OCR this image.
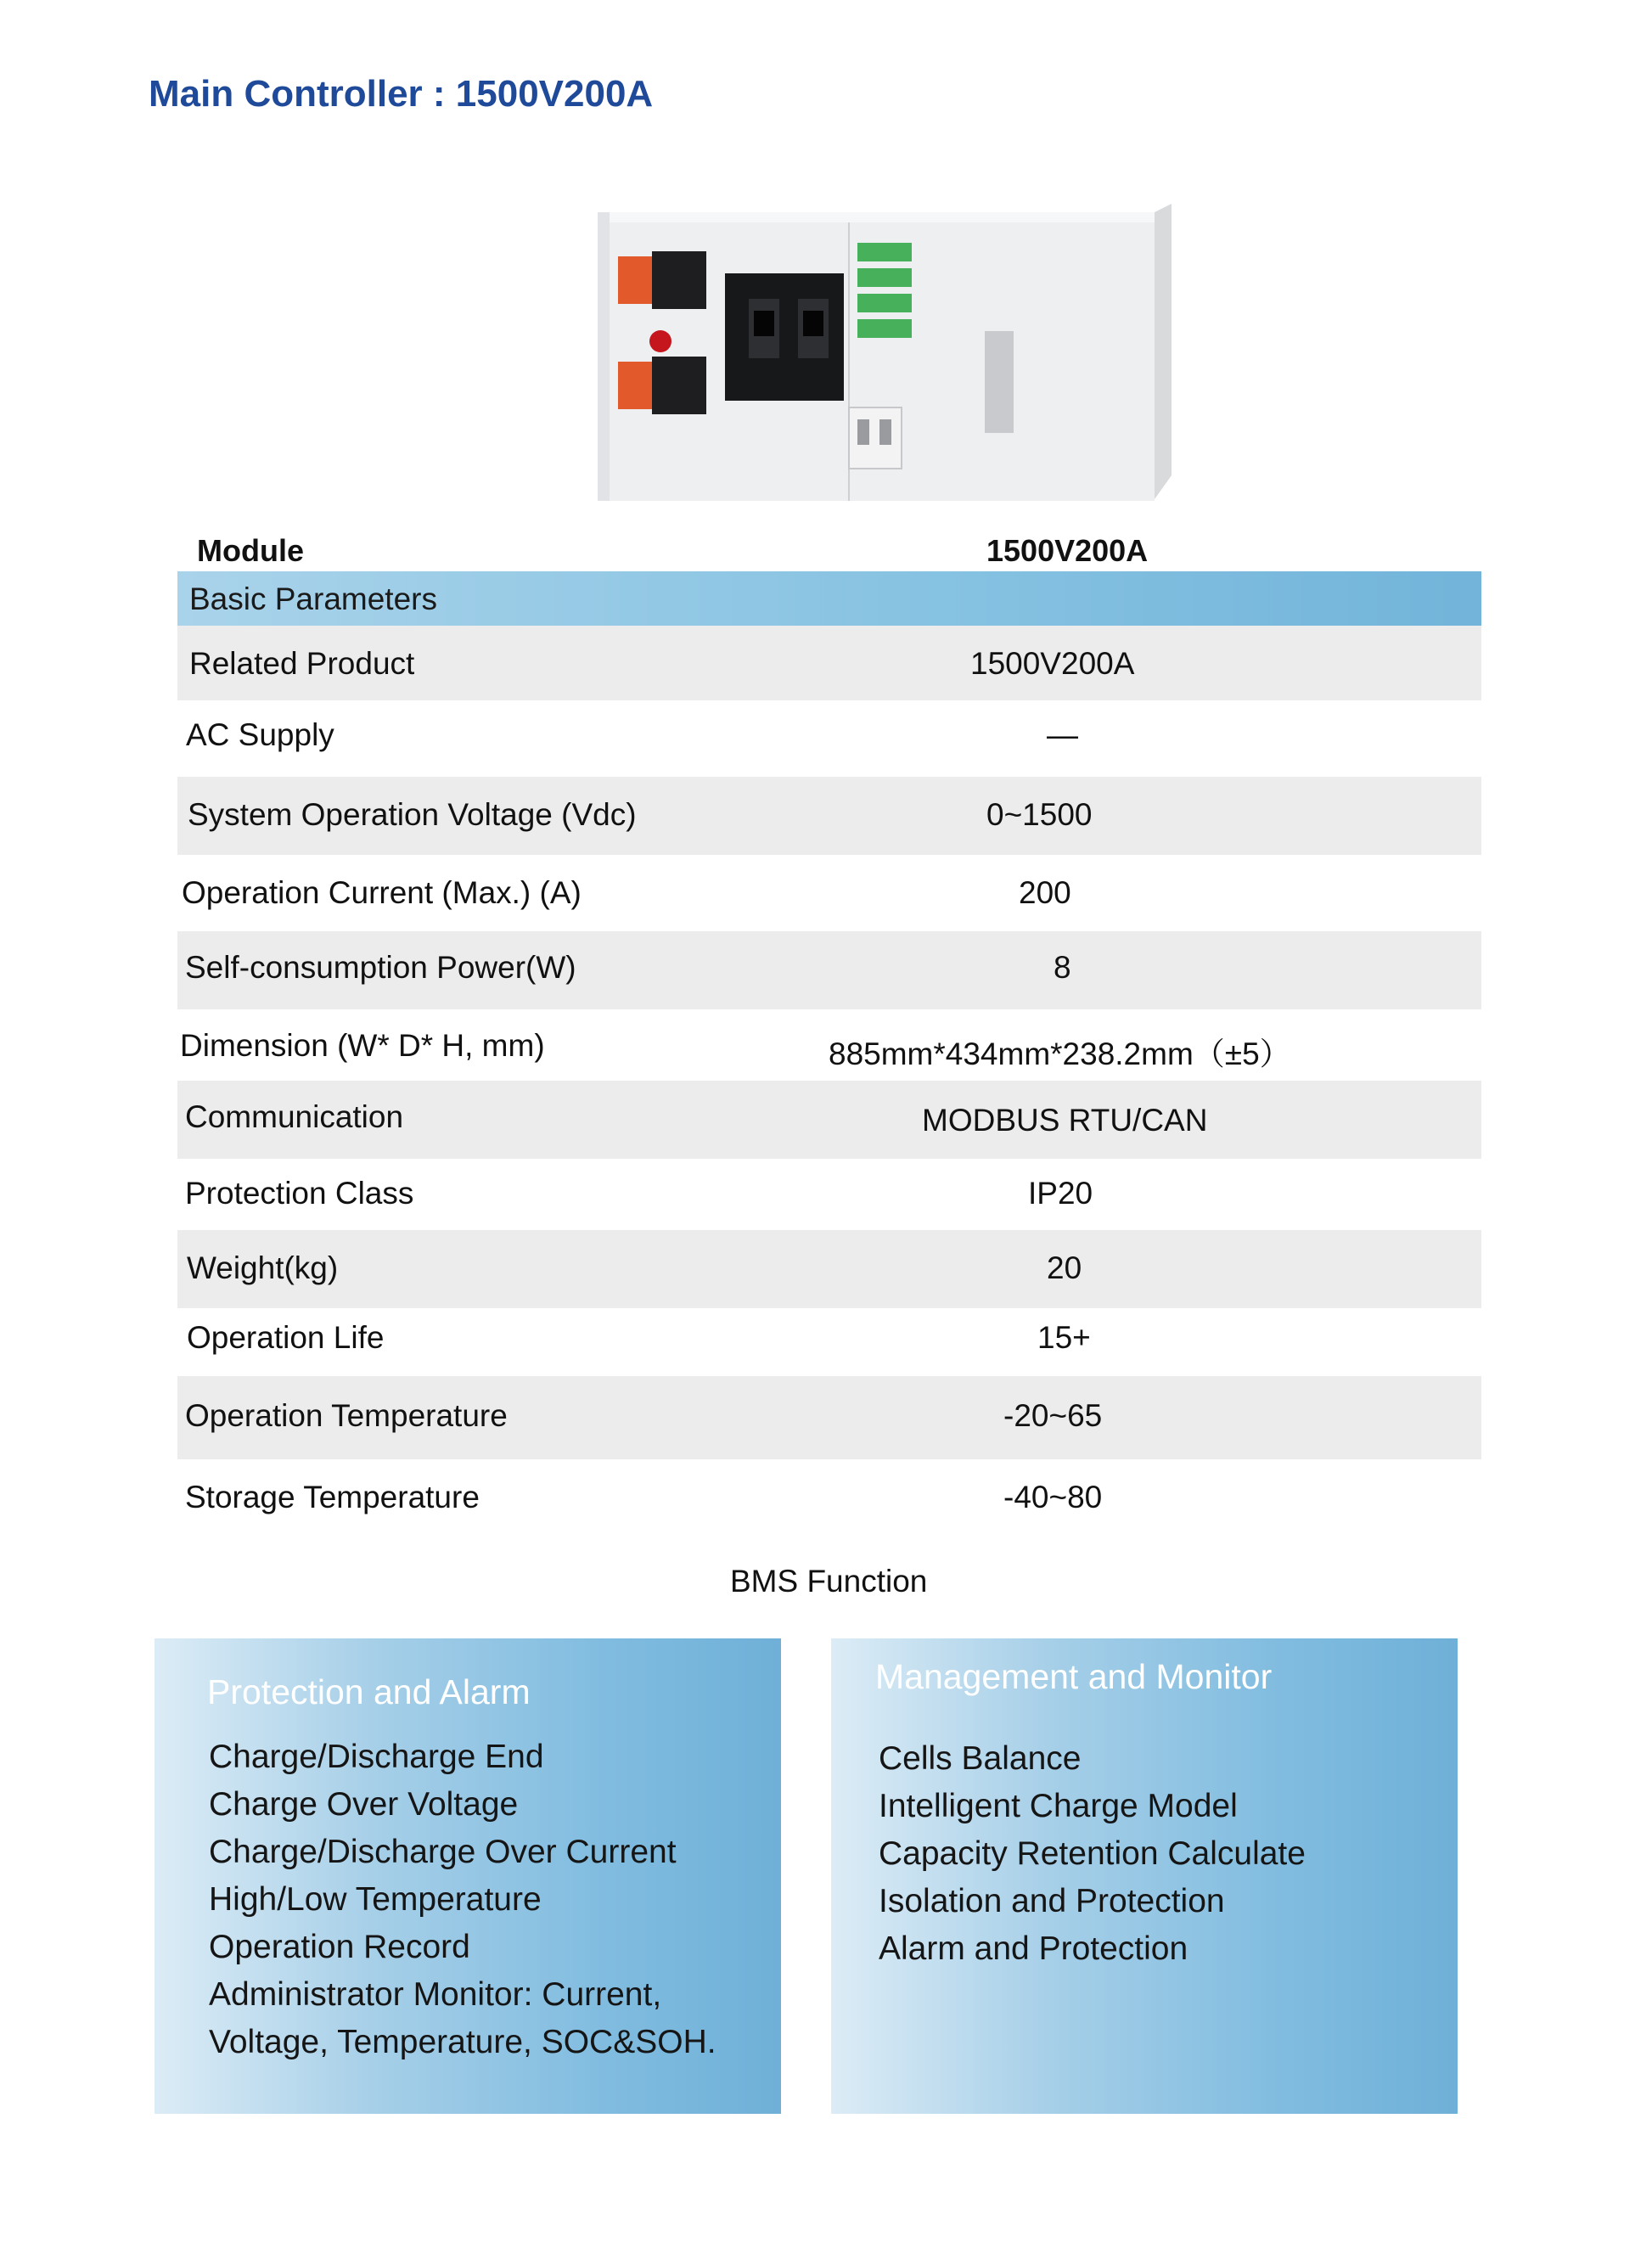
Main Controller : 1500V200A
Module	1500V200A
Basic Parameters
Related Product	1500V200A
AC Supply	—
System Operation Voltage (Vdc)	0~1500
Operation Current (Max.) (A)	200
Self-consumption Power(W)	8
Dimension (W* D* H, mm)	885mm*434mm*238.2mm（±5）
Communication	MODBUS RTU/CAN
Protection Class	IP20
Weight(kg)	20
Operation Life	15+
Operation Temperature	-20~65
Storage Temperature	-40~80
BMS Function
Protection and Alarm
Charge/Discharge End
Charge Over Voltage
Charge/Discharge Over Current
High/Low Temperature
Operation Record
Administrator Monitor: Current,
Voltage, Temperature, SOC&SOH.
Management and Monitor
Cells Balance
Intelligent Charge Model
Capacity Retention Calculate
Isolation and Protection
Alarm and Protection
